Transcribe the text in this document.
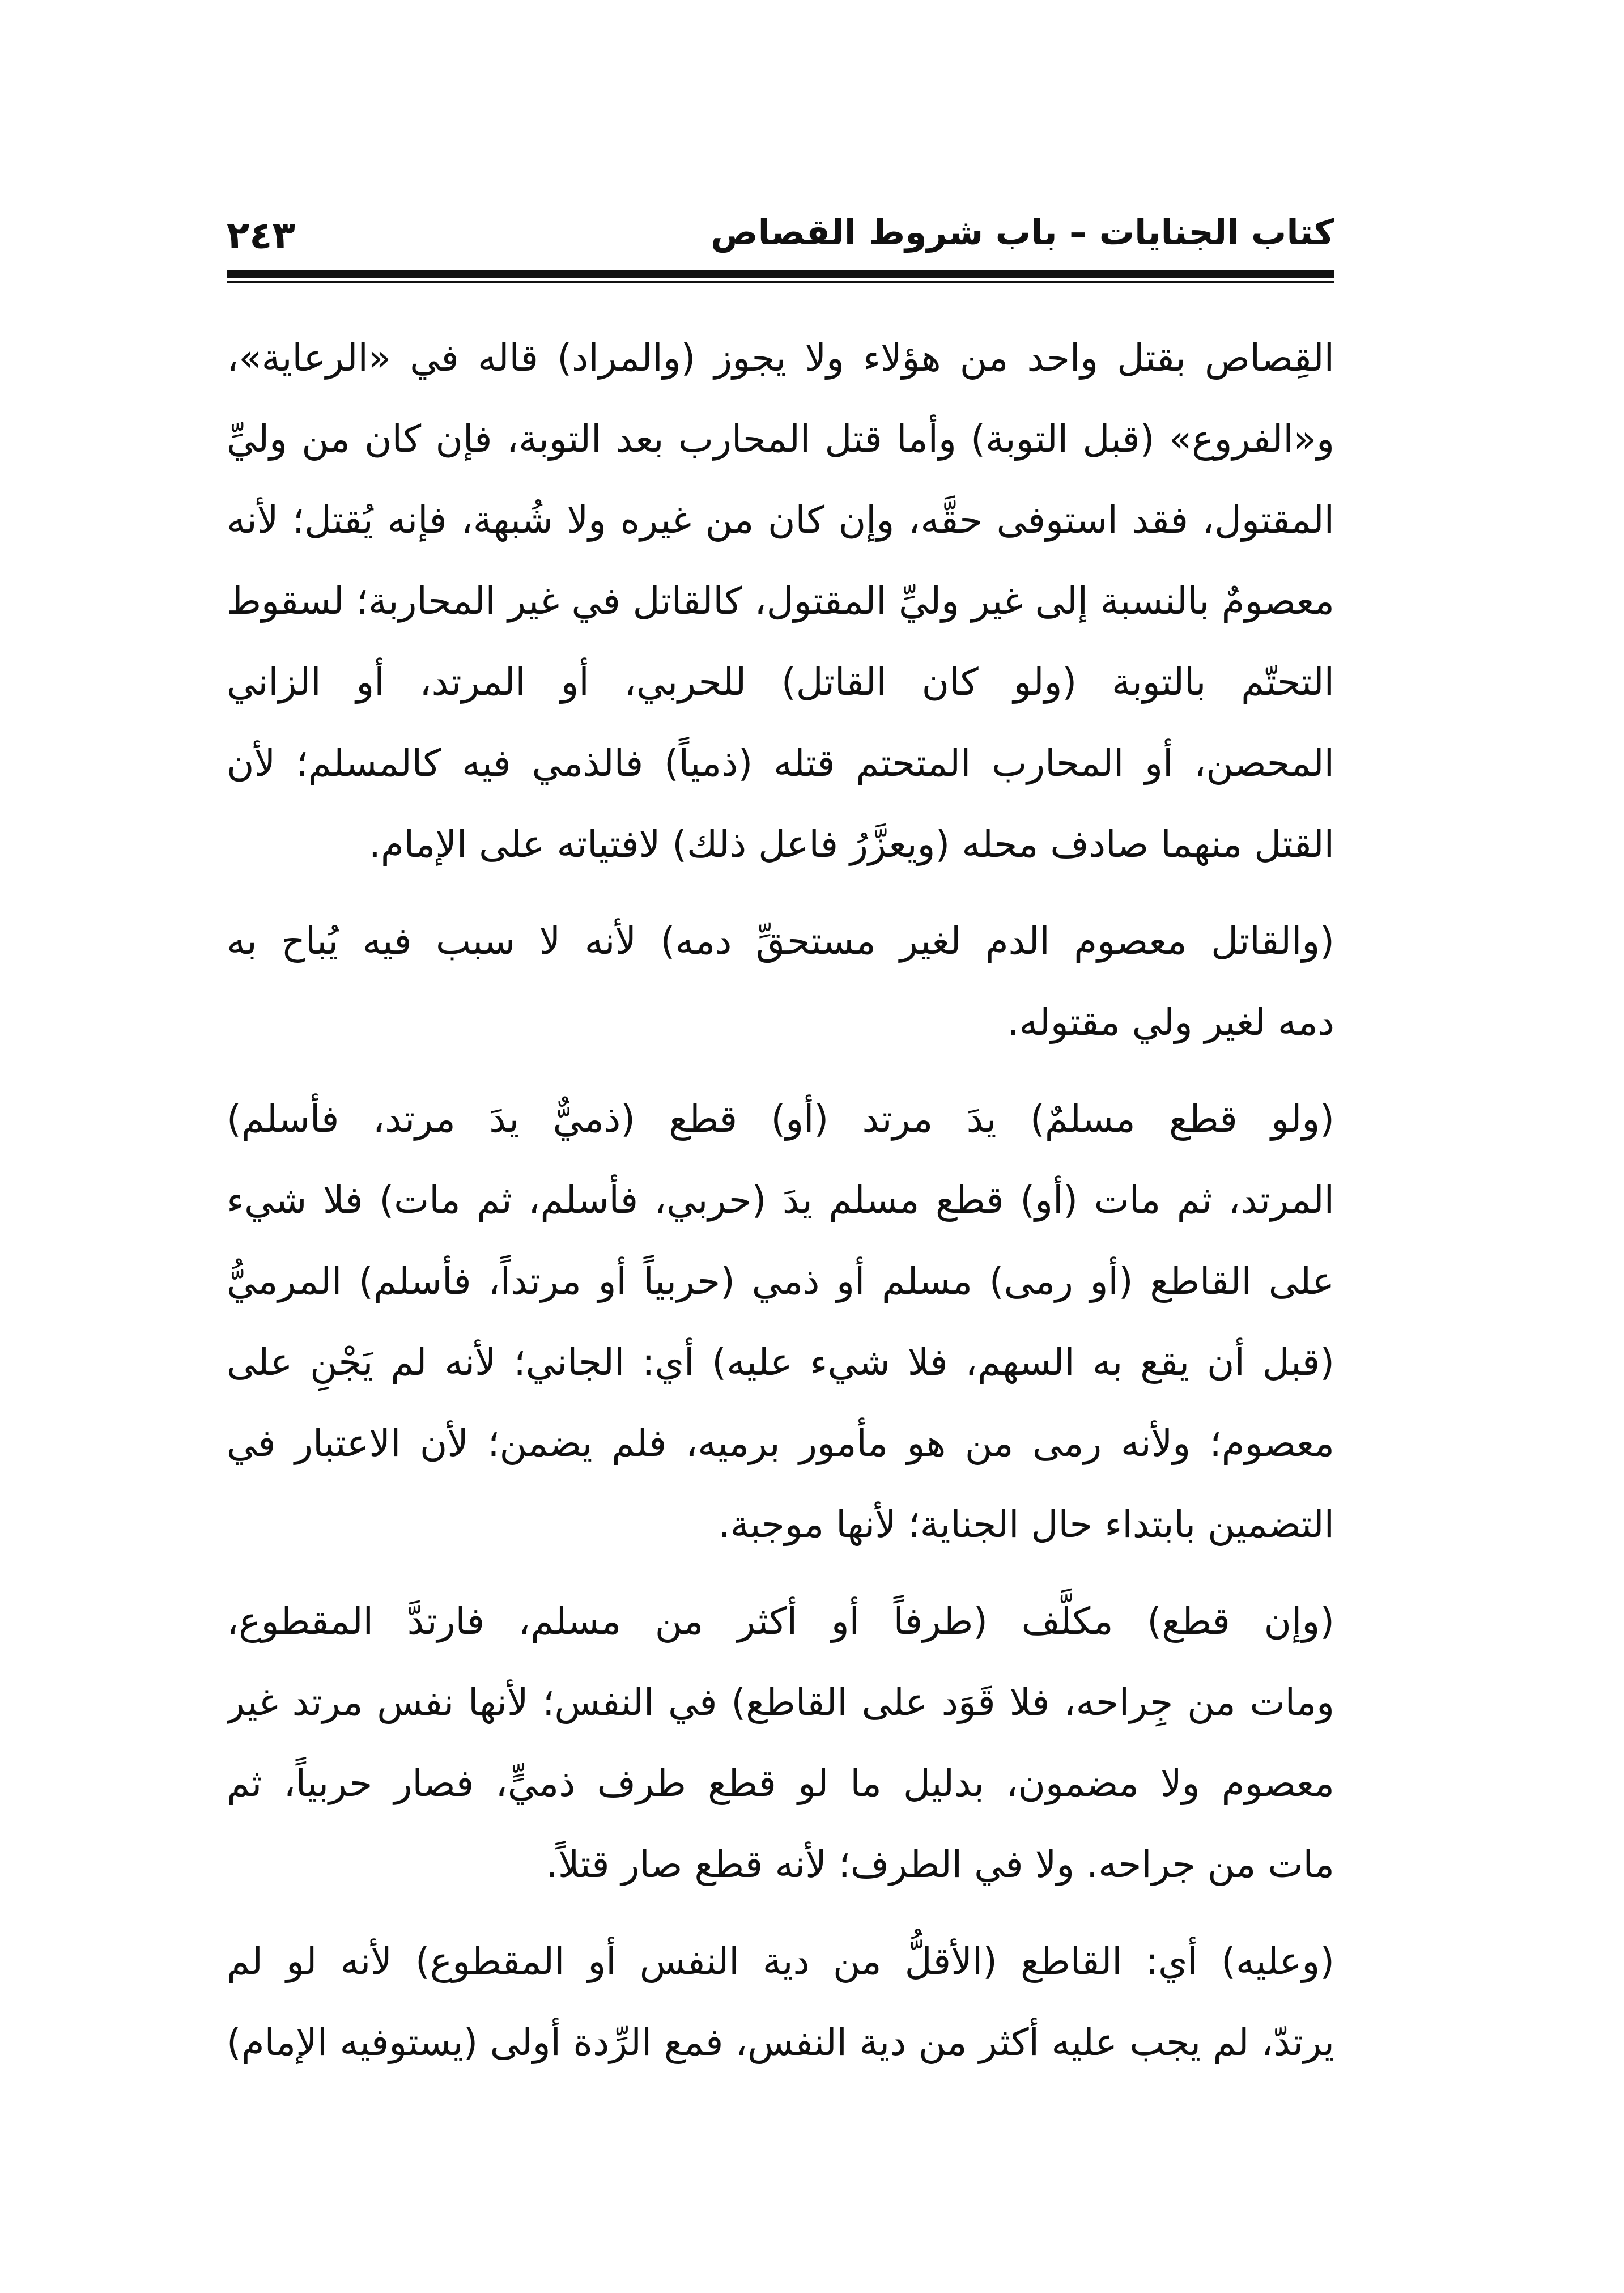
كتاب الجنايات – باب شروط القصاص
٢٤٣
القِصاص بقتل واحد من هؤلاء ولا يجوز (والمراد) قاله في «الرعاية»،
و«الفروع» (قبل التوبة) وأما قتل المحارب بعد التوبة، فإن كان من وليِّ
المقتول، فقد استوفى حقَّه، وإن كان من غيره ولا شُبهة، فإنه يُقتل؛ لأنه
معصومٌ بالنسبة إلى غير وليِّ المقتول، كالقاتل في غير المحاربة؛ لسقوط
التحتّم بالتوبة (ولو كان القاتل) للحربي، أو المرتد، أو الزاني
المحصن، أو المحارب المتحتم قتله (ذمياً) فالذمي فيه كالمسلم؛ لأن
القتل منهما صادف محله (ويعزَّرُ فاعل ذلك) لافتياته على الإمام.
(والقاتل معصوم الدم لغير مستحقِّ دمه) لأنه لا سبب فيه يُباح به
دمه لغير ولي مقتوله.
(ولو قطع مسلمٌ) يدَ مرتد (أو) قطع (ذميٌّ يدَ مرتد، فأسلم)
المرتد، ثم مات (أو) قطع مسلم يدَ (حربي، فأسلم، ثم مات) فلا شيء
على القاطع (أو رمى) مسلم أو ذمي (حربياً أو مرتداً، فأسلم) المرميُّ
(قبل أن يقع به السهم، فلا شيء عليه) أي: الجاني؛ لأنه لم يَجْنِ على
معصوم؛ ولأنه رمى من هو مأمور برميه، فلم يضمن؛ لأن الاعتبار في
التضمين بابتداء حال الجناية؛ لأنها موجبة.
(وإن قطع) مكلَّف (طرفاً أو أكثر من مسلم، فارتدَّ المقطوع،
ومات من جِراحه، فلا قَوَد على القاطع) في النفس؛ لأنها نفس مرتد غير
معصوم ولا مضمون، بدليل ما لو قطع طرف ذميٍّ، فصار حربياً، ثم
مات من جراحه. ولا في الطرف؛ لأنه قطع صار قتلاً.
(وعليه) أي: القاطع (الأقلُّ من دية النفس أو المقطوع) لأنه لو لم
يرتدّ، لم يجب عليه أكثر من دية النفس، فمع الرِّدة أولى (يستوفيه الإمام)
